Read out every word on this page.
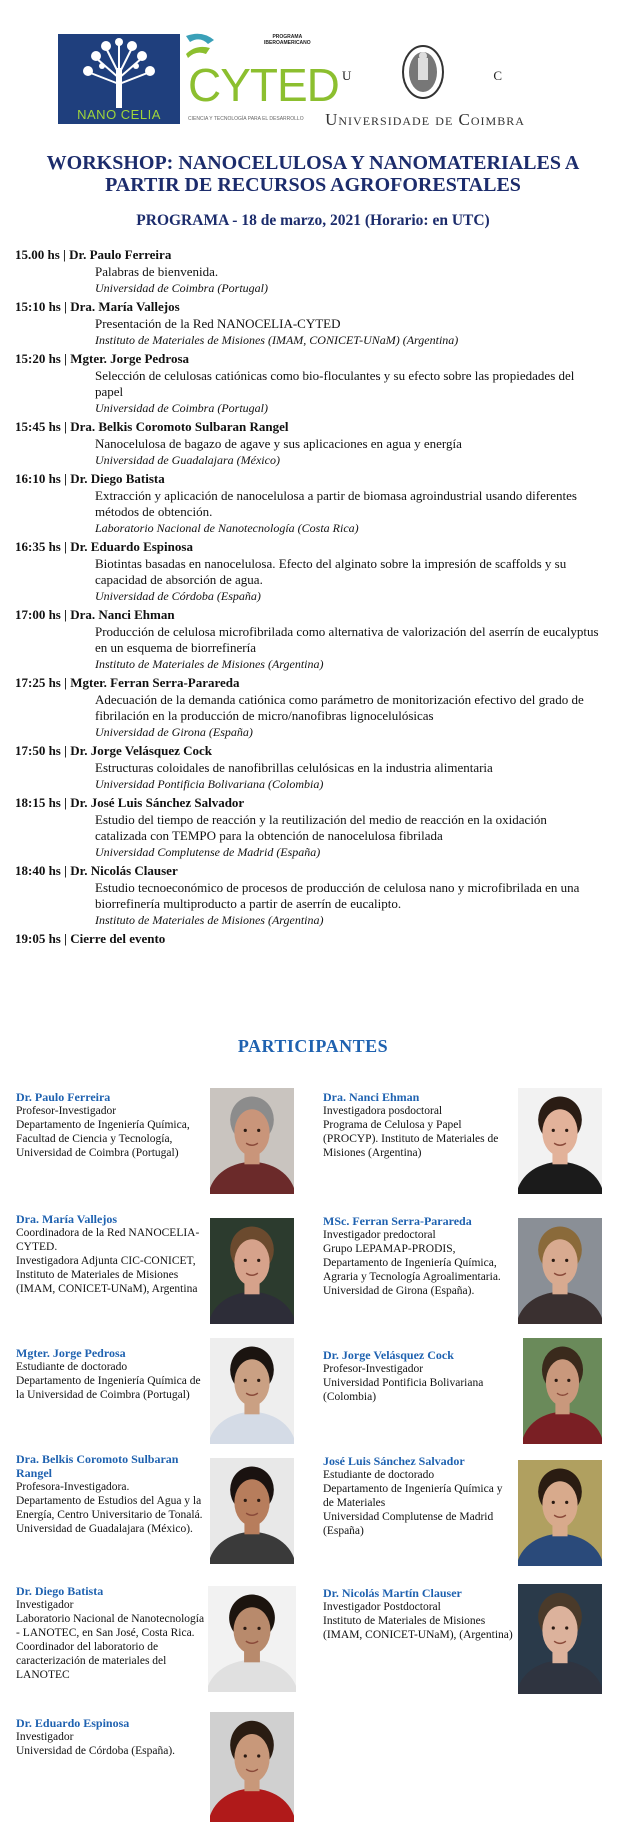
NANO CELIA
PROGRAMA IBEROAMERICANO
CYTED
CIENCIA Y TECNOLOGÍA PARA EL DESARROLLO
U	C
Universidade de Coimbra
WORKSHOP: NANOCELULOSA Y NANOMATERIALES A
PARTIR DE RECURSOS AGROFORESTALES
PROGRAMA - 18 de marzo, 2021 (Horario: en UTC)
15.00 hs | Dr. Paulo Ferreira
Palabras de bienvenida.
Universidad de Coimbra (Portugal)
15:10 hs | Dra. María Vallejos
Presentación de la Red NANOCELIA-CYTED
Instituto de Materiales de Misiones (IMAM, CONICET-UNaM) (Argentina)
15:20 hs | Mgter. Jorge Pedrosa
Selección de celulosas catiónicas como bio-floculantes y su efecto sobre las propiedades del papel
Universidad de Coimbra (Portugal)
15:45 hs | Dra. Belkis Coromoto Sulbaran Rangel
Nanocelulosa de bagazo de agave y sus aplicaciones en agua y energía
Universidad de Guadalajara (México)
16:10 hs | Dr. Diego Batista
Extracción y aplicación de nanocelulosa a partir de biomasa agroindustrial usando diferentes métodos de obtención.
Laboratorio Nacional de Nanotecnología (Costa Rica)
16:35 hs | Dr. Eduardo Espinosa
Biotintas basadas en nanocelulosa. Efecto del alginato sobre la impresión de scaffolds y su capacidad de absorción de agua.
Universidad de Córdoba (España)
17:00 hs | Dra. Nanci Ehman
Producción de celulosa microfibrilada como alternativa de valorización del aserrín de eucalyptus en un esquema de biorrefinería
Instituto de Materiales de Misiones (Argentina)
17:25 hs | Mgter. Ferran Serra-Parareda
Adecuación de la demanda catiónica como parámetro de monitorización efectivo del grado de fibrilación en la producción de micro/nanofibras lignocelulósicas
Universidad de Girona (España)
17:50 hs | Dr. Jorge Velásquez Cock
Estructuras coloidales de nanofibrillas celulósicas en la industria alimentaria
Universidad Pontificia Bolivariana (Colombia)
18:15 hs | Dr. José Luis Sánchez Salvador
Estudio del tiempo de reacción y la reutilización del medio de reacción en la oxidación catalizada con TEMPO para la obtención de nanocelulosa fibrilada
Universidad Complutense de Madrid (España)
18:40 hs | Dr. Nicolás Clauser
Estudio tecnoeconómico de procesos de producción de celulosa nano y microfibrilada en una biorrefinería multiproducto a partir de aserrín de eucalipto.
Instituto de Materiales de Misiones (Argentina)
19:05 hs | Cierre del evento
PARTICIPANTES
Dr. Paulo Ferreira
Profesor-Investigador
Departamento de Ingeniería Química, Facultad de Ciencia y Tecnología, Universidad de Coimbra (Portugal)
Dra. Nanci Ehman
Investigadora posdoctoral
Programa de Celulosa y Papel (PROCYP). Instituto de Materiales de Misiones (Argentina)
Dra. María Vallejos
Coordinadora de la Red NANOCELIA-CYTED.
Investigadora Adjunta CIC-CONICET, Instituto de Materiales de Misiones (IMAM, CONICET-UNaM), Argentina
MSc. Ferran Serra-Parareda
Investigador predoctoral
Grupo LEPAMAP-PRODIS, Departamento de Ingeniería Química, Agraria y Tecnología Agroalimentaria. Universidad de Girona (España).
Mgter. Jorge Pedrosa
Estudiante de doctorado
Departamento de Ingeniería Química de la Universidad de Coimbra (Portugal)
Dr. Jorge Velásquez Cock
Profesor-Investigador
Universidad Pontificia Bolivariana (Colombia)
Dra. Belkis Coromoto Sulbaran Rangel
Profesora-Investigadora.
Departamento de Estudios del Agua y la Energía, Centro Universitario de Tonalá. Universidad de Guadalajara (México).
José Luis Sánchez Salvador
Estudiante de doctorado
Departamento de Ingeniería Química y de Materiales
Universidad Complutense de Madrid (España)
Dr. Diego Batista
Investigador
Laboratorio Nacional de Nanotecnología - LANOTEC, en San José, Costa Rica. Coordinador del laboratorio de caracterización de materiales del LANOTEC
Dr. Nicolás Martín Clauser
Investigador Postdoctoral
Instituto de Materiales de Misiones (IMAM, CONICET-UNaM), (Argentina)
Dr. Eduardo Espinosa
Investigador
Universidad de Córdoba (España).
